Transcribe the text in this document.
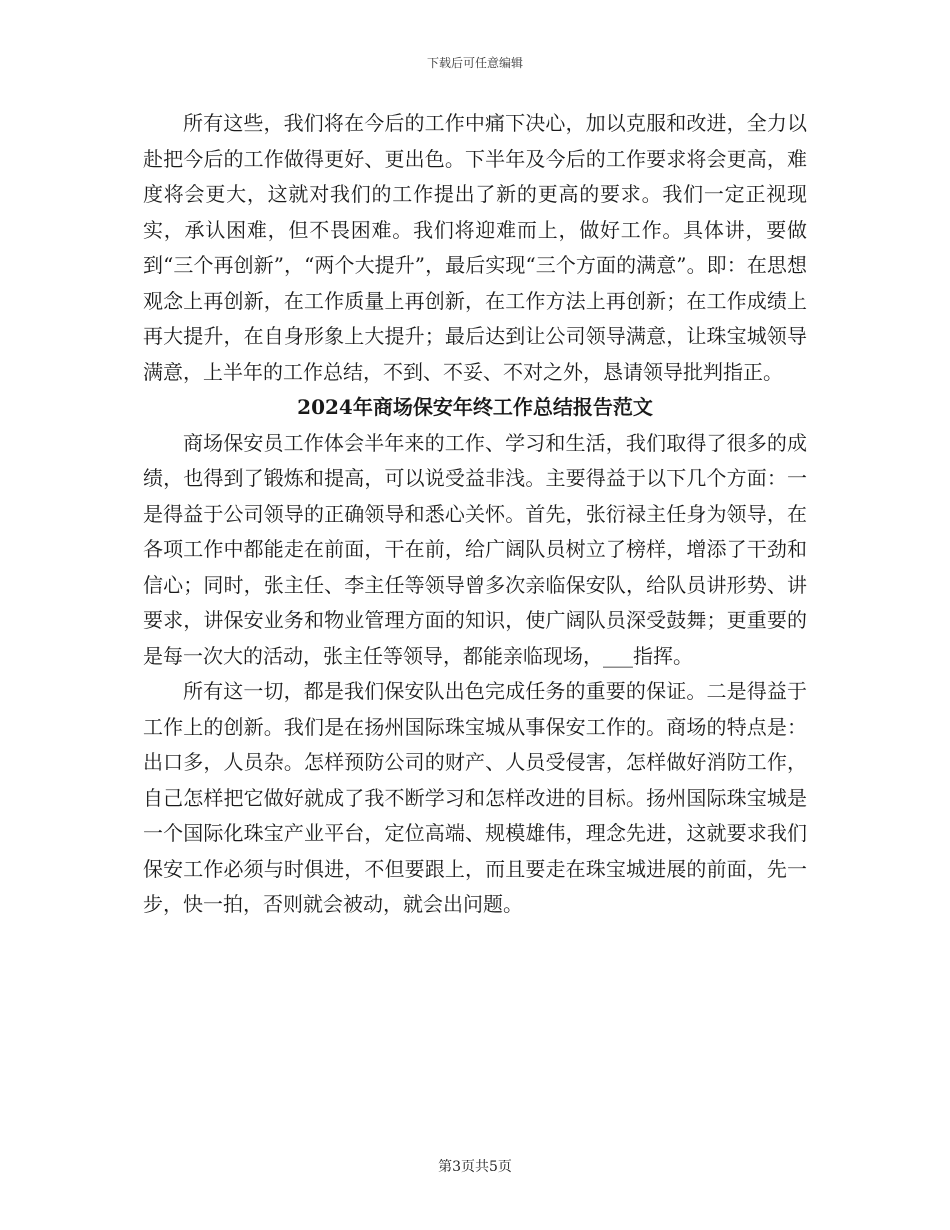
下载后可任意编辑

所有这些，我们将在今后的工作中痛下决心，加以克服和改进，全力以赴把今后的工作做得更好、更出色。下半年及今后的工作要求将会更高，难度将会更大，这就对我们的工作提出了新的更高的要求。我们一定正视现实，承认困难，但不畏困难。我们将迎难而上，做好工作。具体讲，要做到“三个再创新”，“两个大提升”，最后实现“三个方面的满意”。即：在思想观念上再创新，在工作质量上再创新，在工作方法上再创新；在工作成绩上再大提升，在自身形象上大提升；最后达到让公司领导满意，让珠宝城领导满意，上半年的工作总结，不到、不妥、不对之外，恳请领导批判指正。

2024年商场保安年终工作总结报告范文

商场保安员工作体会半年来的工作、学习和生活，我们取得了很多的成绩，也得到了锻炼和提高，可以说受益非浅。主要得益于以下几个方面：一是得益于公司领导的正确领导和悉心关怀。首先，张衍禄主任身为领导，在各项工作中都能走在前面，干在前，给广阔队员树立了榜样，增添了干劲和信心；同时，张主任、李主任等领导曾多次亲临保安队，给队员讲形势、讲要求，讲保安业务和物业管理方面的知识，使广阔队员深受鼓舞；更重要的是每一次大的活动，张主任等领导，都能亲临现场，___指挥。

所有这一切，都是我们保安队出色完成任务的重要的保证。二是得益于工作上的创新。我们是在扬州国际珠宝城从事保安工作的。商场的特点是：出口多，人员杂。怎样预防公司的财产、人员受侵害，怎样做好消防工作，自己怎样把它做好就成了我不断学习和怎样改进的目标。扬州国际珠宝城是一个国际化珠宝产业平台，定位高端、规模雄伟，理念先进，这就要求我们保安工作必须与时俱进，不但要跟上，而且要走在珠宝城进展的前面，先一步，快一拍，否则就会被动，就会出问题。

第3页共5页
